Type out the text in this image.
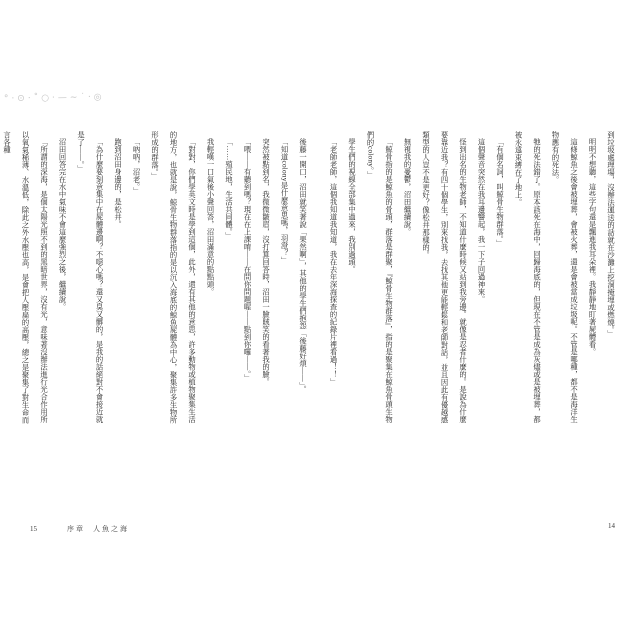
°·⊙·˚○·—~˙·◎

後藤一開口，沼田就笑著說「果然啊」，其他的學生們抱怨「後藤好煩——」。

「知道colony是什麼意思嗎，羽澄？」

突然被點到名，我微微皺眉，沒打算回答時，沼田一臉賊笑的看著我的臉。

「喂——有聽到嗎？現在在上課唷——在問你問題喔——點到你囉——。」

「……殖民地，生活共同體。」

我輕嘆一口氣後小聲回答，沼田滿意的點點頭。

「對對，你們學英文時是學到這個，此外，還有其他的意思，許多動物或植物聚集生活的地方，也就是說，鯨骨生物群落指的是以沉入海底的鯨魚屍體為中心，聚集許多生物所形成的群落。」

「吶吶，沼老。」

跑到沼田身邊的，是松井。

「為什麼要刻意集中在屍體邊啊？不噁心嗎？還又臭又髒的，是我的話絕對不會接近就是了——。」

沼田回答完在水中氣味不會這麼強烈之後，繼續說。

「所謂的深海，是個太陽光照不到的黑暗世界，沒有光，意味著沒辦法進行光合作用所以氧氣稀薄、水溫低，除此之外水壓也高，是會把人壓扁的高壓，總之是聚集了對生命而言各種	到垃圾處理場，沒辦法運送的話就在沙灘上挖洞掩埋或燃燒。」

明明不想聽，這些字句還是飄進我耳朵裡。我靜靜地盯著屍體看。

這條鯨魚之後會被埋葬，會被火葬，還是會被當成垃圾呢。不管是哪種，都不是海洋生物應有的死法。

牠的死法錯了。原本該死在海中，回歸海底的，但現在不管是成為灰燼或是被埋葬，都被永遠束縛在了地上。

「有個名詞，叫鯨骨生物群落。」

這個聲音突然在我耳邊響起，我一下子回過神來。

怪到出名的生物老師，不知道什麼時候又站到我旁邊。就像是忍者什麼的。是說為什麼要靠近我？有四十個學生，別來找我，去找其他更能輕鬆和老師對話，並且因此有優越感類型的人豈不是更好？像松井那樣的。

無視我的憂鬱，沼田繼續說。

「鯨骨指的是鯨魚的骨頭，群落是群聚，『鯨骨生物群落』，指的是聚集在鯨魚骨頭生物們的colony。」

學生們的視線全部集中過來，我別過頭。

「老師老師，這個我知道我知道，我在去年深海探查的紀錄片裡看過！！」

15	序章 人魚之海	14
